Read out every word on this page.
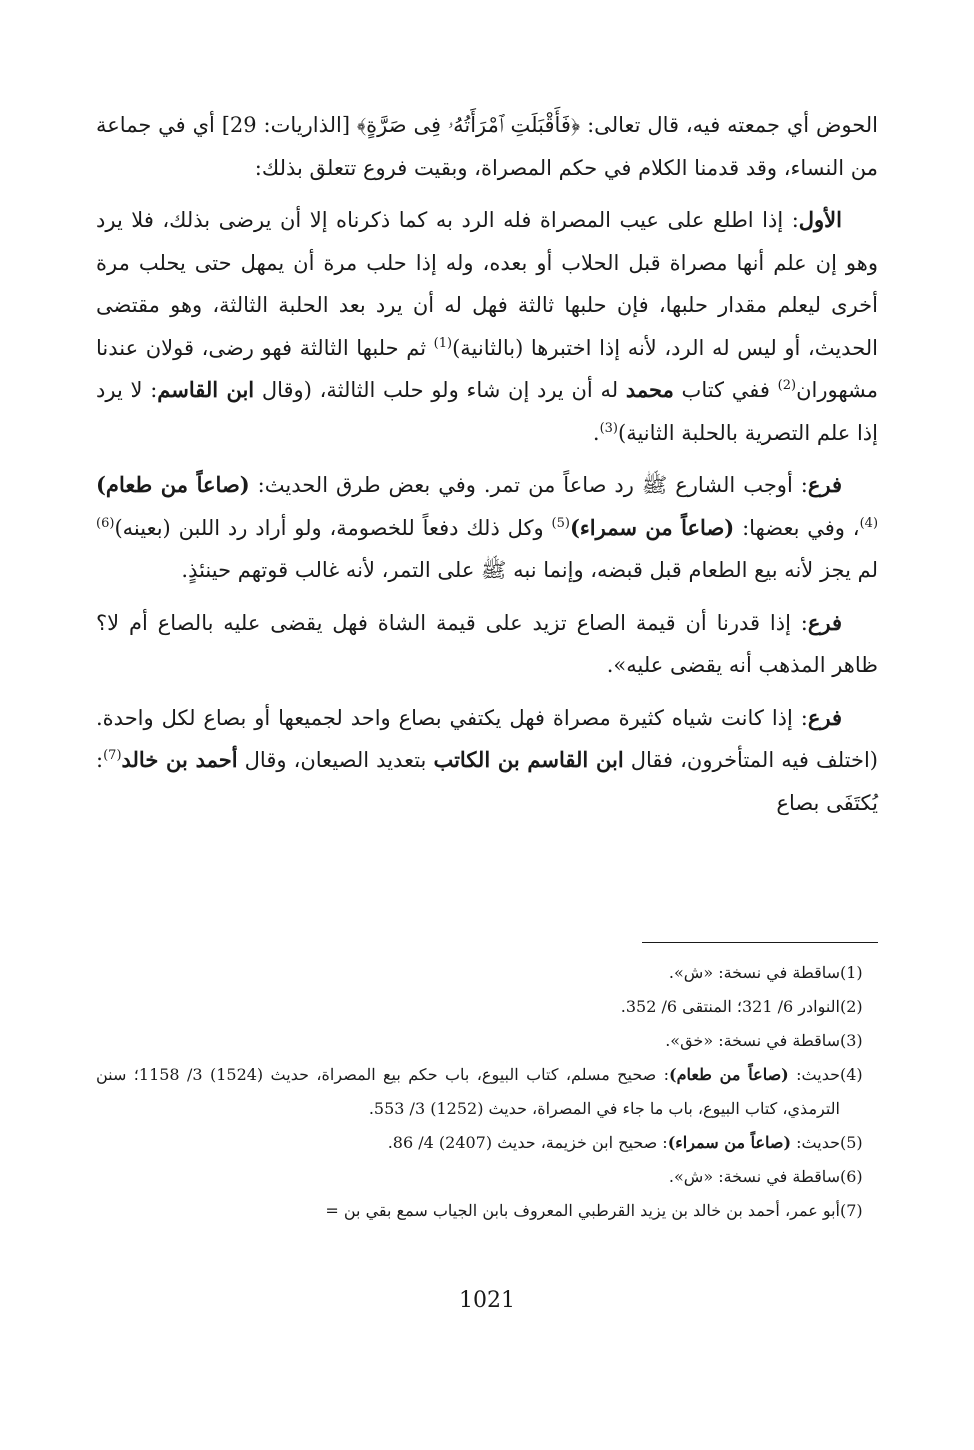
الحوض أي جمعته فيه، قال تعالى: ﴿فَأَقْبَلَتِ ٱمْرَأَتُهُۥ فِى صَرَّةٍ﴾ [الذاريات: 29] أي في جماعة من النساء، وقد قدمنا الكلام في حكم المصراة، وبقيت فروع تتعلق بذلك:

الأول: إذا اطلع على عيب المصراة فله الرد به كما ذكرناه إلا أن يرضى بذلك، فلا يرد وهو إن علم أنها مصراة قبل الحلاب أو بعده، وله إذا حلب مرة أن يمهل حتى يحلب مرة أخرى ليعلم مقدار حلبها، فإن حلبها ثالثة فهل له أن يرد بعد الحلبة الثالثة، وهو مقتضى الحديث، أو ليس له الرد، لأنه إذا اختبرها (بالثانية)$^{(1)}$ ثم حلبها الثالثة فهو رضى، قولان عندنا مشهوران$^{(2)}$ ففي كتاب محمد له أن يرد إن شاء ولو حلب الثالثة، (وقال ابن القاسم: لا يرد إذا علم التصرية بالحلبة الثانية)$^{(3)}$.

فرع: أوجب الشارع ﷺ رد صاعاً من تمر. وفي بعض طرق الحديث: (صاعاً من طعام)$^{(4)}$، وفي بعضها: (صاعاً من سمراء)$^{(5)}$ وكل ذلك دفعاً للخصومة، ولو أراد رد اللبن (بعينه)$^{(6)}$ لم يجز لأنه بيع الطعام قبل قبضه، وإنما نبه ﷺ على التمر، لأنه غالب قوتهم حينئذٍ.

فرع: إذا قدرنا أن قيمة الصاع تزيد على قيمة الشاة فهل يقضى عليه بالصاع أم لا؟ ظاهر المذهب أنه يقضى عليه».

فرع: إذا كانت شياه كثيرة مصراة فهل يكتفي بصاع واحد لجميعها أو بصاع لكل واحدة. (اختلف فيه المتأخرون، فقال ابن القاسم بن الكاتب بتعديد الصيعان، وقال أحمد بن خالد$^{(7)}$: يُكتَفَى بصاع

(1)
ساقطة في نسخة: «ش».
(2)
النوادر 6/ 321؛ المنتقى 6/ 352.
(3)
ساقطة في نسخة: «خق».
(4)
حديث: (صاعاً من طعام): صحيح مسلم، كتاب البيوع، باب حكم بيع المصراة، حديث (1524) 3/ 1158؛ سنن الترمذي، كتاب البيوع، باب ما جاء في المصراة، حديث (1252) 3/ 553.
(5)
حديث: (صاعاً من سمراء): صحيح ابن خزيمة، حديث (2407) 4/ 86.
(6)
ساقطة في نسخة: «ش».
(7)
أبو عمر، أحمد بن خالد بن يزيد القرطبي المعروف بابن الجياب سمع بقي بن =
1021
